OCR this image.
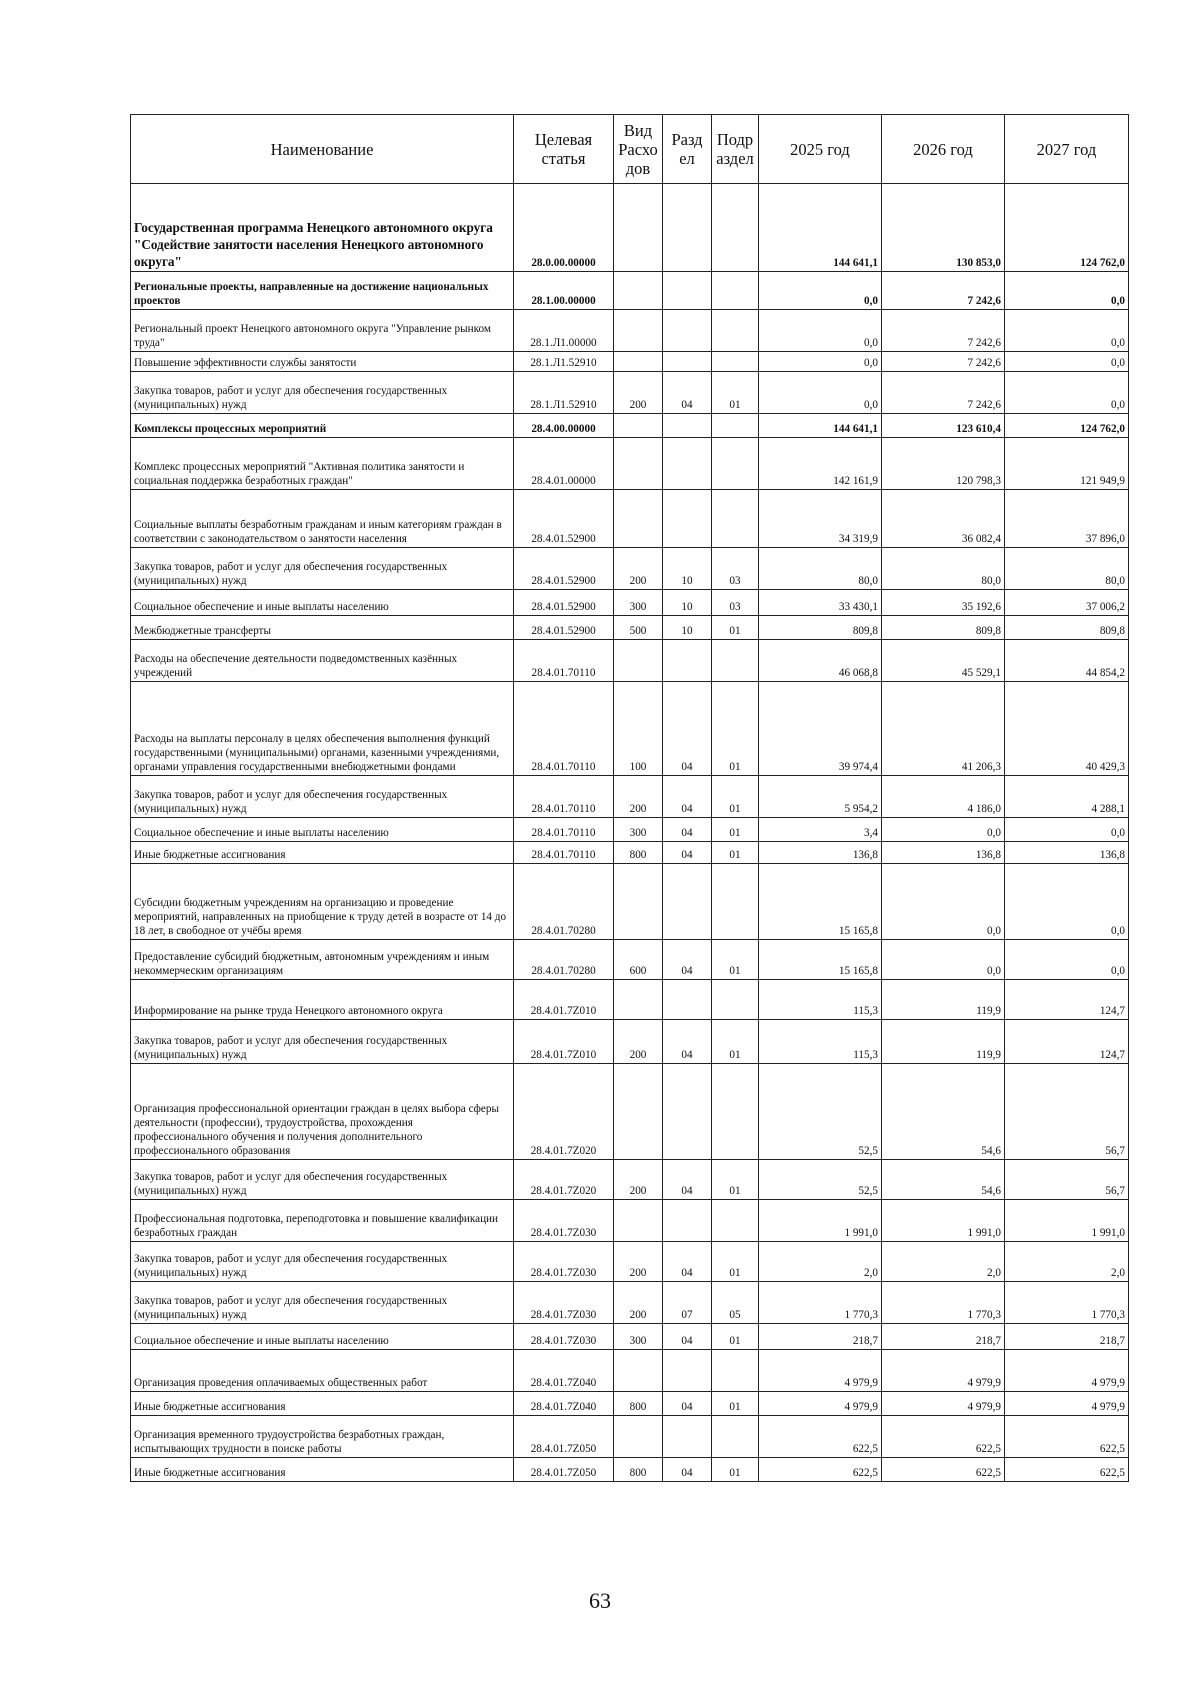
Наименование	Целевая статья	Вид Расхо дов	Разд ел	Подр аздел	2025 год	2026 год	2027 год
Государственная программа Ненецкого автономного округа "Содействие занятости населения Ненецкого автономного округа"	28.0.00.00000				144 641,1	130 853,0	124 762,0
Региональные проекты, направленные на достижение национальных проектов	28.1.00.00000				0,0	7 242,6	0,0
Региональный проект Ненецкого автономного округа "Управление рынком труда"	28.1.Л1.00000				0,0	7 242,6	0,0
Повышение эффективности службы занятости	28.1.Л1.52910				0,0	7 242,6	0,0
Закупка товаров, работ и услуг для обеспечения государственных (муниципальных) нужд	28.1.Л1.52910	200	04	01	0,0	7 242,6	0,0
Комплексы процессных мероприятий	28.4.00.00000				144 641,1	123 610,4	124 762,0
Комплекс процессных мероприятий "Активная политика занятости и социальная поддержка безработных граждан"	28.4.01.00000				142 161,9	120 798,3	121 949,9
Социальные выплаты безработным гражданам и иным категориям граждан в соответствии с законодательством о занятости населения	28.4.01.52900				34 319,9	36 082,4	37 896,0
Закупка товаров, работ и услуг для обеспечения государственных (муниципальных) нужд	28.4.01.52900	200	10	03	80,0	80,0	80,0
Социальное обеспечение и иные выплаты населению	28.4.01.52900	300	10	03	33 430,1	35 192,6	37 006,2
Межбюджетные трансферты	28.4.01.52900	500	10	01	809,8	809,8	809,8
Расходы на обеспечение деятельности подведомственных казённых учреждений	28.4.01.70110				46 068,8	45 529,1	44 854,2
Расходы на выплаты персоналу в целях обеспечения выполнения функций государственными (муниципальными) органами, казенными учреждениями, органами управления государственными внебюджетными фондами	28.4.01.70110	100	04	01	39 974,4	41 206,3	40 429,3
Закупка товаров, работ и услуг для обеспечения государственных (муниципальных) нужд	28.4.01.70110	200	04	01	5 954,2	4 186,0	4 288,1
Социальное обеспечение и иные выплаты населению	28.4.01.70110	300	04	01	3,4	0,0	0,0
Иные бюджетные ассигнования	28.4.01.70110	800	04	01	136,8	136,8	136,8
Субсидии бюджетным учреждениям на организацию и проведение мероприятий, направленных на приобщение к труду детей в возрасте от 14 до 18 лет, в свободное от учёбы время	28.4.01.70280				15 165,8	0,0	0,0
Предоставление субсидий бюджетным, автономным учреждениям и иным некоммерческим организациям	28.4.01.70280	600	04	01	15 165,8	0,0	0,0
Информирование на рынке труда Ненецкого автономного округа	28.4.01.7Z010				115,3	119,9	124,7
Закупка товаров, работ и услуг для обеспечения государственных (муниципальных) нужд	28.4.01.7Z010	200	04	01	115,3	119,9	124,7
Организация профессиональной ориентации граждан в целях выбора сферы деятельности (профессии), трудоустройства, прохождения профессионального обучения и получения дополнительного профессионального образования	28.4.01.7Z020				52,5	54,6	56,7
Закупка товаров, работ и услуг для обеспечения государственных (муниципальных) нужд	28.4.01.7Z020	200	04	01	52,5	54,6	56,7
Профессиональная подготовка, переподготовка и повышение квалификации безработных граждан	28.4.01.7Z030				1 991,0	1 991,0	1 991,0
Закупка товаров, работ и услуг для обеспечения государственных (муниципальных) нужд	28.4.01.7Z030	200	04	01	2,0	2,0	2,0
Закупка товаров, работ и услуг для обеспечения государственных (муниципальных) нужд	28.4.01.7Z030	200	07	05	1 770,3	1 770,3	1 770,3
Социальное обеспечение и иные выплаты населению	28.4.01.7Z030	300	04	01	218,7	218,7	218,7
Организация проведения оплачиваемых общественных работ	28.4.01.7Z040				4 979,9	4 979,9	4 979,9
Иные бюджетные ассигнования	28.4.01.7Z040	800	04	01	4 979,9	4 979,9	4 979,9
Организация временного трудоустройства безработных граждан, испытывающих трудности в поиске работы	28.4.01.7Z050				622,5	622,5	622,5
Иные бюджетные ассигнования	28.4.01.7Z050	800	04	01	622,5	622,5	622,5
63
